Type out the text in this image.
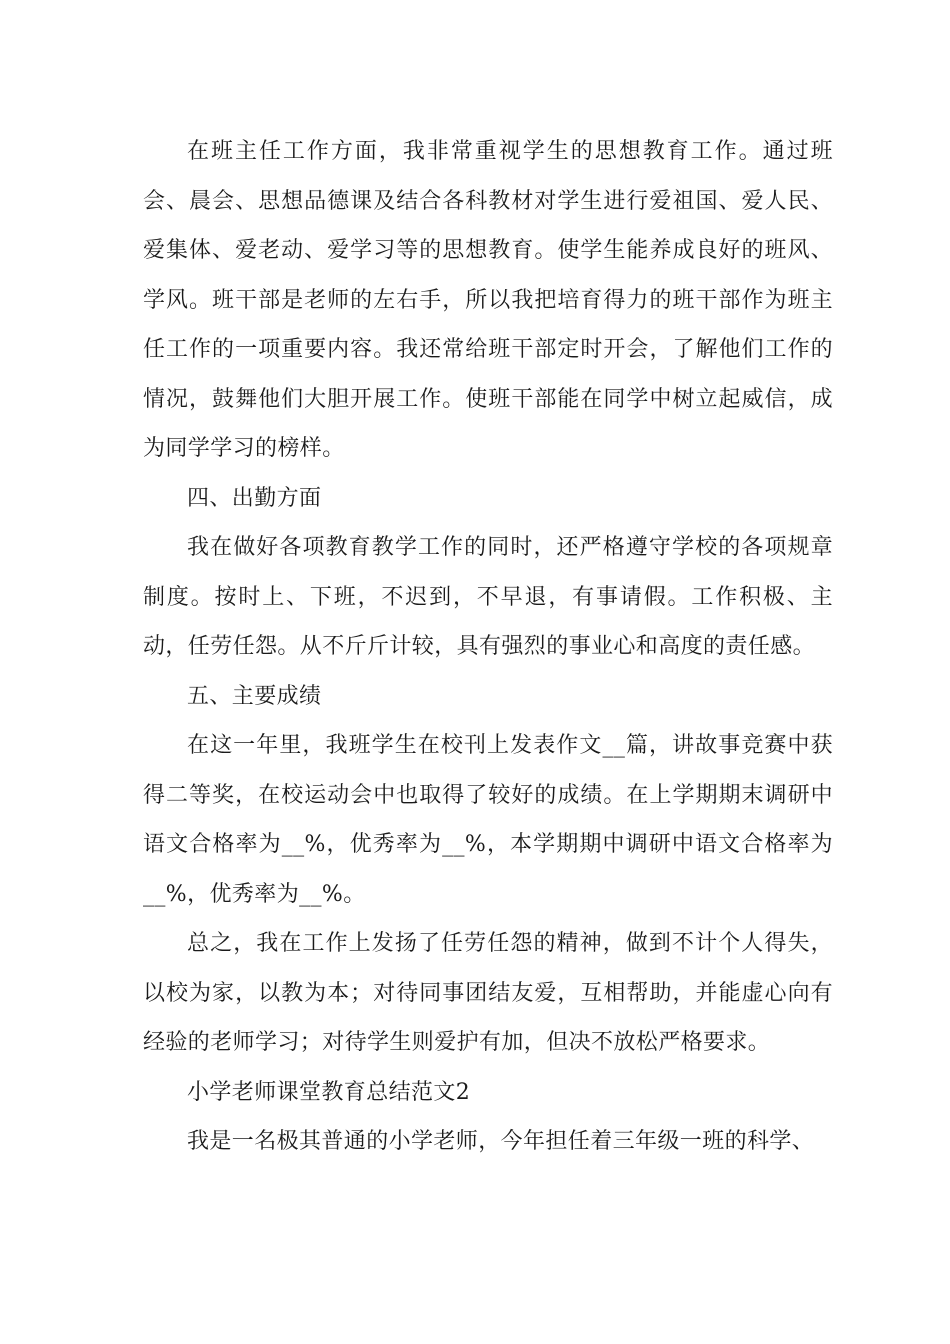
在班主任工作方面，我非常重视学生的思想教育工作。通过班会、晨会、思想品德课及结合各科教材对学生进行爱祖国、爱人民、爱集体、爱老动、爱学习等的思想教育。使学生能养成良好的班风、学风。班干部是老师的左右手，所以我把培育得力的班干部作为班主任工作的一项重要内容。我还常给班干部定时开会，了解他们工作的情况，鼓舞他们大胆开展工作。使班干部能在同学中树立起威信，成为同学学习的榜样。

四、出勤方面

我在做好各项教育教学工作的同时，还严格遵守学校的各项规章制度。按时上、下班，不迟到，不早退，有事请假。工作积极、主动，任劳任怨。从不斤斤计较，具有强烈的事业心和高度的责任感。

五、主要成绩

在这一年里，我班学生在校刊上发表作文__篇，讲故事竞赛中获得二等奖，在校运动会中也取得了较好的成绩。在上学期期末调研中语文合格率为__%，优秀率为__%，本学期期中调研中语文合格率为__%，优秀率为__%。

总之，我在工作上发扬了任劳任怨的精神，做到不计个人得失，以校为家，以教为本；对待同事团结友爱，互相帮助，并能虚心向有经验的老师学习；对待学生则爱护有加，但决不放松严格要求。

小学老师课堂教育总结范文2

我是一名极其普通的小学老师，今年担任着三年级一班的科学、
